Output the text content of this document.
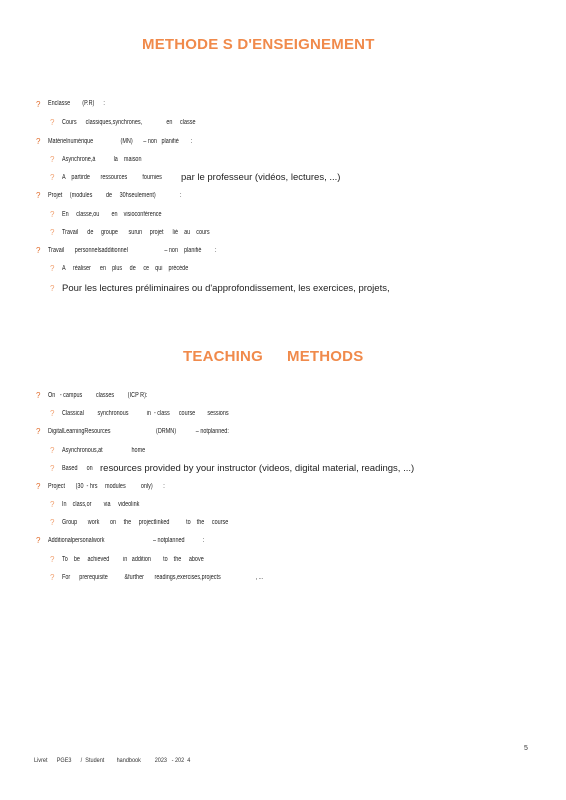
METHODE S D'ENSEIGNEMENT
? Enclasse        (P.R)      :
? Cours      classiques,synchrones,                en     classe
? Matérielnumérique                  (MN)       – non   planifié        :
? Asynchrone,à            la    maison
? A    partirde       ressources          fournies par le professeur (vidéos, lectures, ...)
? Projet     (modules         de     30hseulement)                :
? En     classe,ou        en    visioconférence
? Travail      de     groupe       surun     projet      lié    au    cours
? Travail       personnelsadditionnel                        – non    planifié         :
? A     réaliser      en    plus     de     ce    qui    précède
? Pour les lectures préliminaires ou d'approfondissement, les exercices, projets,
TEACHING METHODS
? On   - campus         classes         (ICP R):
? Classical         synchronous            in  - class      course        sessions
? DigitalLearningResources                              (DRMN)             – notplanned:
? Asynchronous,at                   home
? Based      on resources provided by your instructor (videos, digital material, readings, ...)
? Project       (30  - hrs     modules          only)       :
? In    class,or        via     videolink
? Group       work       on     the     projectlinked           to    the     course
? Additionalpersonalwork                                – notplanned            :
? To    be     achieved         in   addition        to    the     above
? For      prerequisite           &further       readings,exercises,projects                       , ...
5
Livret      PGE3      /  Student        handbook         2023   - 202  4
